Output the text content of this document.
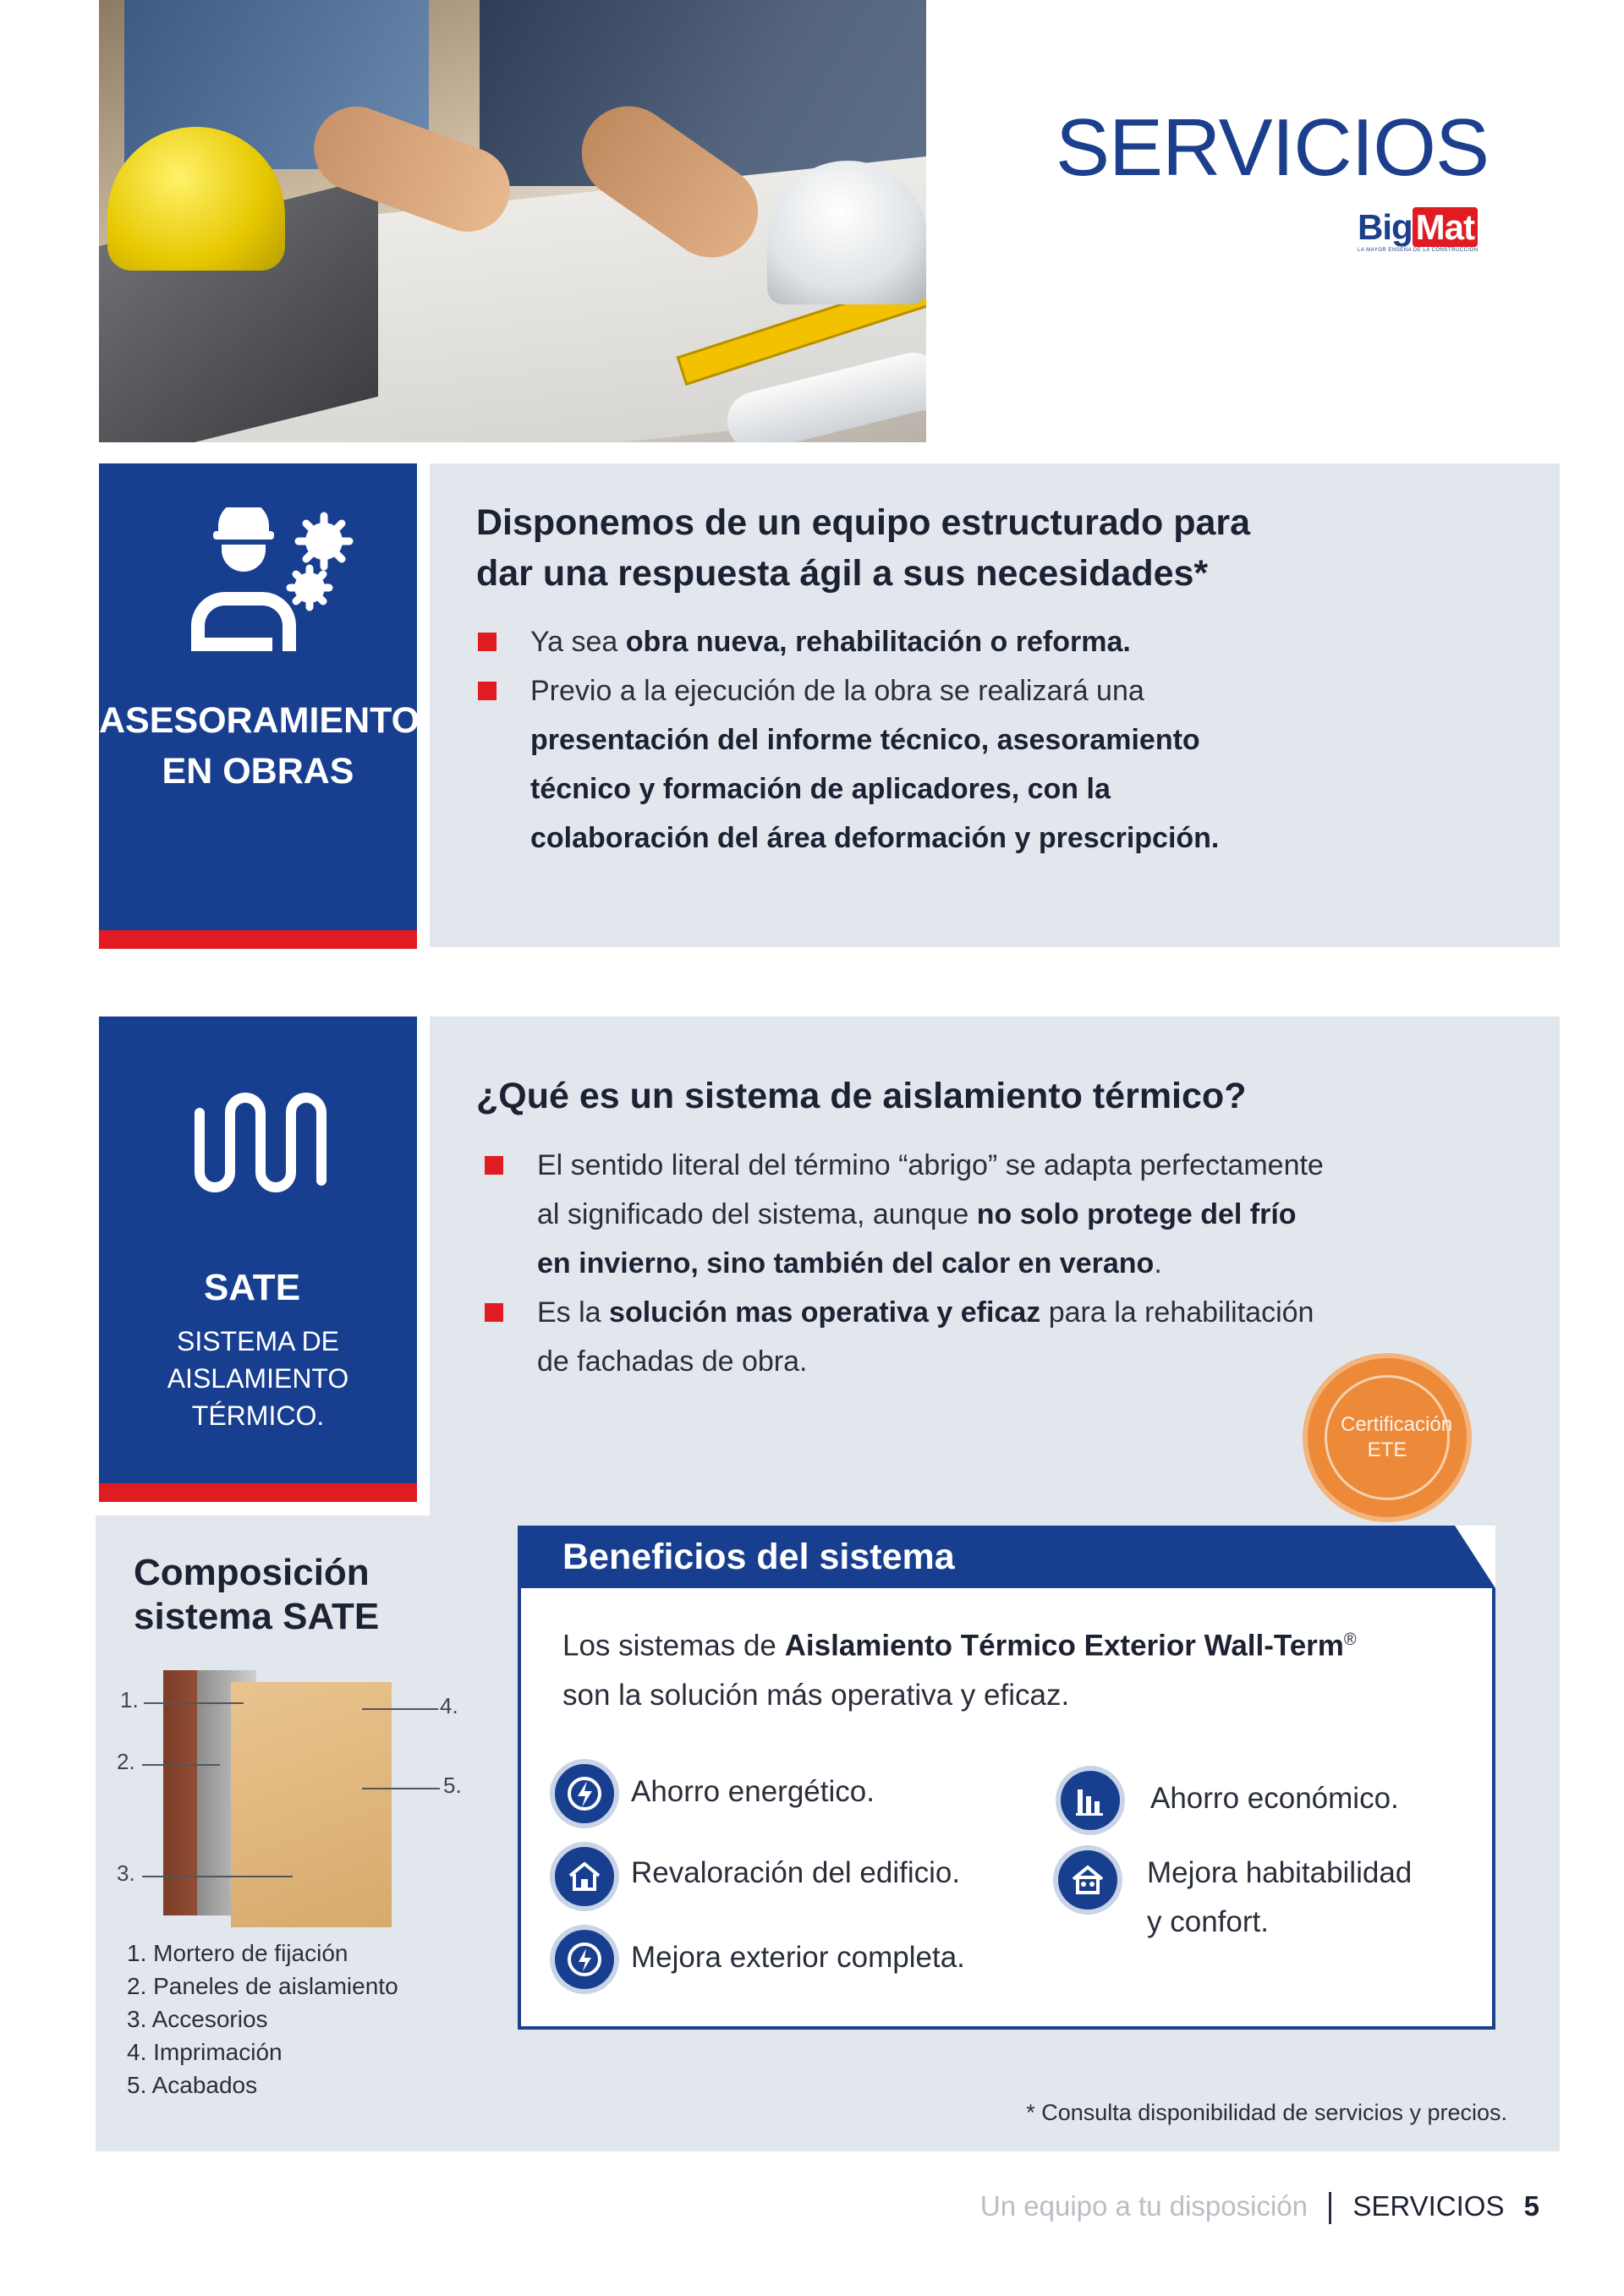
SERVICIOS
BigMat
LA MAYOR ENSEÑA DE LA CONSTRUCCIÓN
ASESORAMIENTO EN OBRAS
Disponemos de un equipo estructurado para
dar una respuesta ágil a sus necesidades*
Ya sea obra nueva, rehabilitación o reforma.
Previo a la ejecución de la obra se realizará una
presentación del informe técnico, asesoramiento
técnico y formación de aplicadores, con la
colaboración del área deformación y prescripción.
SATE
SISTEMA DE
AISLAMIENTO
TÉRMICO.
¿Qué es un sistema de aislamiento térmico?
El sentido literal del término “abrigo” se adapta perfectamente
al significado del sistema, aunque no solo protege del frío
en invierno, sino también del calor en verano.
Es la solución mas operativa y eficaz para la rehabilitación
de fachadas de obra.
Certificación ETE
Composición
sistema SATE
1.
2.
3.
4.
5.
1. Mortero de fijación
2. Paneles de aislamiento
3. Accesorios
4. Imprimación
5. Acabados
Beneficios del sistema
Los sistemas de Aislamiento Térmico Exterior Wall-Term®
son la solución más operativa y eficaz.
Ahorro energético.	Ahorro económico.
Revaloración del edificio.	Mejora habitabilidad
y confort.
Mejora exterior completa.
* Consulta disponibilidad de servicios y precios.
Un equipo a tu disposición SERVICIOS 5
